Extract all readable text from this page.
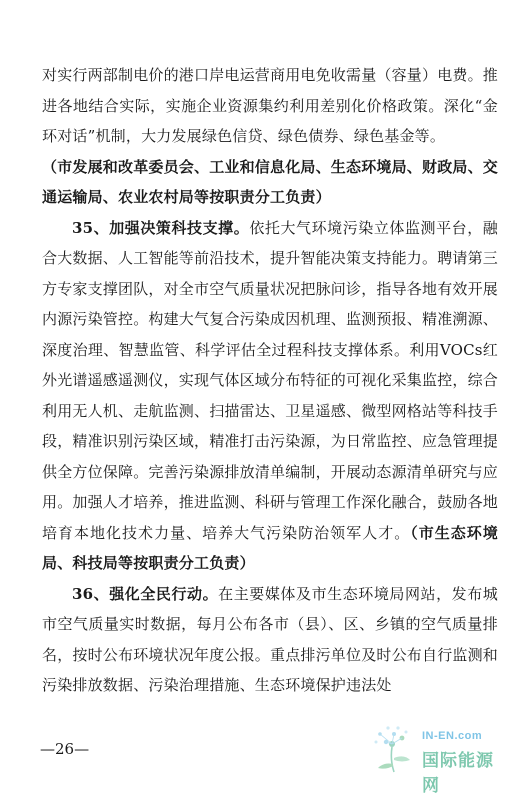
对实行两部制电价的港口岸电运营商用电免收需量（容量）电费。推进各地结合实际，实施企业资源集约利用差别化价格政策。深化“金环对话”机制，大力发展绿色信贷、绿色债券、绿色基金等。

（市发展和改革委员会、工业和信息化局、生态环境局、财政局、交通运输局、农业农村局等按职责分工负责）

35、加强决策科技支撑。依托大气环境污染立体监测平台，融合大数据、人工智能等前沿技术，提升智能决策支持能力。聘请第三方专家支撑团队，对全市空气质量状况把脉问诊，指导各地有效开展内源污染管控。构建大气复合污染成因机理、监测预报、精准溯源、深度治理、智慧监管、科学评估全过程科技支撑体系。利用VOCs红外光谱遥感遥测仪，实现气体区域分布特征的可视化采集监控，综合利用无人机、走航监测、扫描雷达、卫星遥感、微型网格站等科技手段，精准识别污染区域，精准打击污染源，为日常监控、应急管理提供全方位保障。完善污染源排放清单编制，开展动态源清单研究与应用。加强人才培养，推进监测、科研与管理工作深化融合，鼓励各地培育本地化技术力量、培养大气污染防治领军人才。（市生态环境局、科技局等按职责分工负责）

36、强化全民行动。在主要媒体及市生态环境局网站，发布城市空气质量实时数据，每月公布各市（县）、区、乡镇的空气质量排名，按时公布环境状况年度公报。重点排污单位及时公布自行监测和污染排放数据、污染治理措施、生态环境保护违法处

—26—
IN-EN.com
国际能源网
